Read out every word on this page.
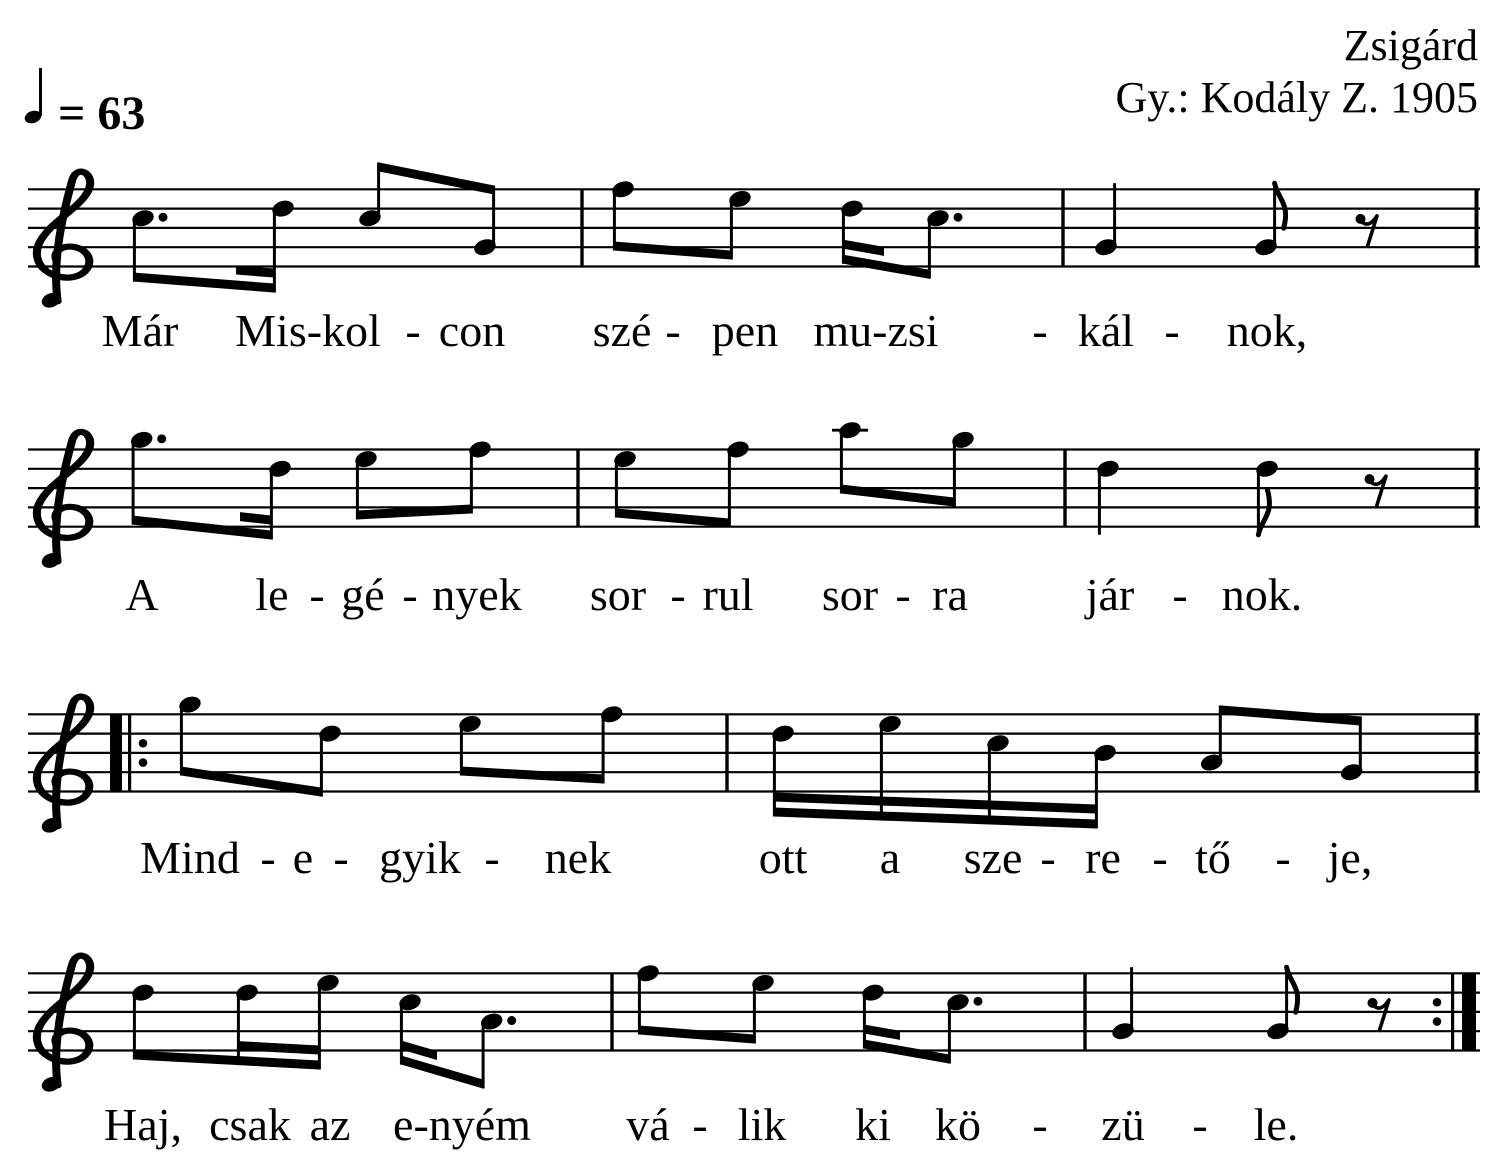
= 63
Zsigárd
Gy.: Kodály Z. 1905
Már Mis-kol - con szé - pen mu-zsi - kál - nok,
A le - gé - nyek sor - rul sor - ra	jár - nok.
Mind - e - gyik - nek	ott a sze - re - tő - je,
Haj, csak az e-nyém vá - lik ki kö - zü - le.
